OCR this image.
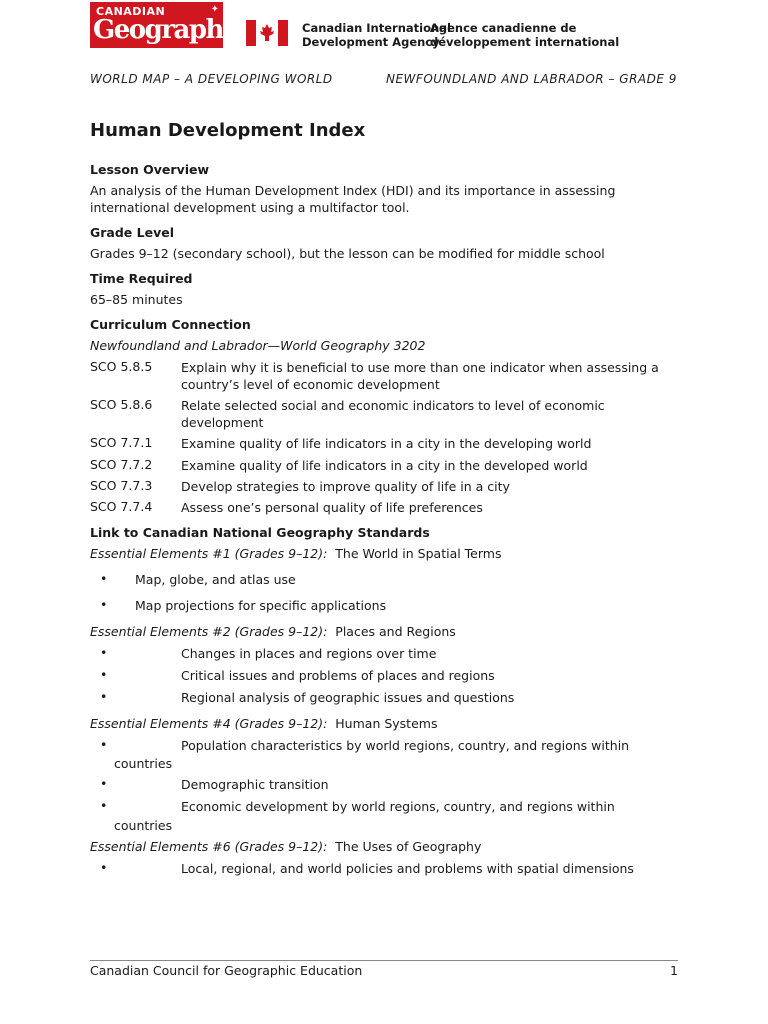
CANADIAN	✦
Geographic	Canadian International
Development Agency
Agence canadienne de
développement international
WORLD MAP – A DEVELOPING WORLD	NEWFOUNDLAND AND LABRADOR – GRADE 9
Human Development Index
Lesson Overview
An analysis of the Human Development Index (HDI) and its importance in assessing international development using a multifactor tool.
Grade Level
Grades 9–12 (secondary school), but the lesson can be modified for middle school
Time Required
65–85 minutes
Curriculum Connection
Newfoundland and Labrador—World Geography 3202
SCO 5.8.5 Explain why it is beneficial to use more than one indicator when assessing a country’s level of economic development
SCO 5.8.6 Relate selected social and economic indicators to level of economic development
SCO 7.7.1 Examine quality of life indicators in a city in the developing world
SCO 7.7.2 Examine quality of life indicators in a city in the developed world
SCO 7.7.3 Develop strategies to improve quality of life in a city
SCO 7.7.4 Assess one’s personal quality of life preferences
Link to Canadian National Geography Standards
Essential Elements #1 (Grades 9–12): The World in Spatial Terms
• Map, globe, and atlas use
• Map projections for specific applications
Essential Elements #2 (Grades 9–12): Places and Regions
•	Changes in places and regions over time
•	Critical issues and problems of places and regions
•	Regional analysis of geographic issues and questions
Essential Elements #4 (Grades 9–12): Human Systems
•	Population characteristics by world regions, country, and regions within
countries
•	Demographic transition
•	Economic development by world regions, country, and regions within
countries
Essential Elements #6 (Grades 9–12): The Uses of Geography
•	Local, regional, and world policies and problems with spatial dimensions
Canadian Council for Geographic Education	1
